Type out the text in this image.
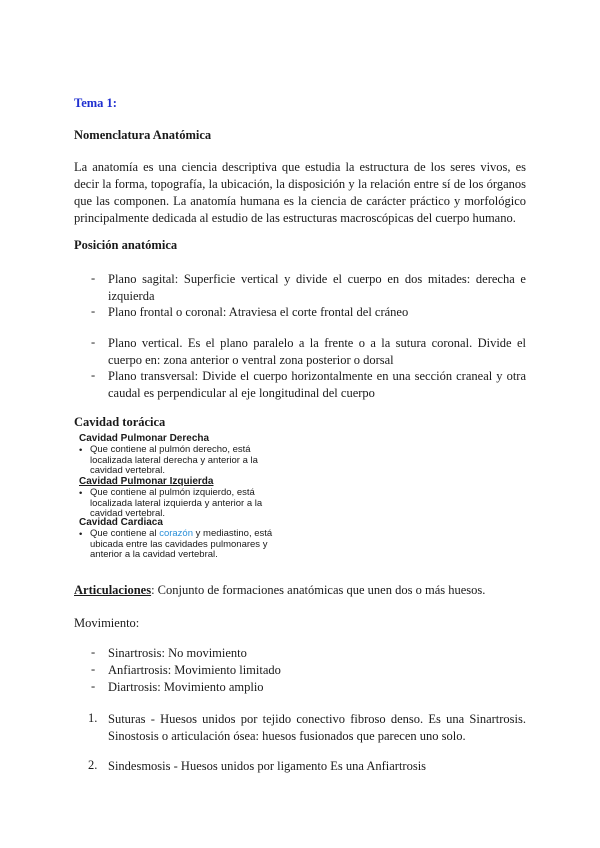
Tema 1:
Nomenclatura Anatómica
La anatomía es una ciencia descriptiva que estudia la estructura de los seres vivos, es decir la forma, topografía, la ubicación, la disposición y la relación entre sí de los órganos que las componen. La anatomía humana es la ciencia de carácter práctico y morfológico principalmente dedicada al estudio de las estructuras macroscópicas del cuerpo humano.
Posición anatómica
- Plano sagital: Superficie vertical y divide el cuerpo en dos mitades: derecha e izquierda
- Plano frontal o coronal: Atraviesa el corte frontal del cráneo
- Plano vertical. Es el plano paralelo a la frente o a la sutura coronal. Divide el cuerpo en: zona anterior o ventral zona posterior o dorsal
- Plano transversal: Divide el cuerpo horizontalmente en una sección craneal y otra caudal es perpendicular al eje longitudinal del cuerpo
Cavidad torácica
Cavidad Pulmonar Derecha
• Que contiene al pulmón derecho, está localizada lateral derecha y anterior a la cavidad vertebral.
Cavidad Pulmonar Izquierda
• Que contiene al pulmón izquierdo, está localizada lateral izquierda y anterior a la cavidad vertebral.
Cavidad Cardiaca
• Que contiene al corazón y mediastino, está ubicada entre las cavidades pulmonares y anterior a la cavidad vertebral.
Articulaciones: Conjunto de formaciones anatómicas que unen dos o más huesos.
Movimiento:
- Sinartrosis: No movimiento
- Anfiartrosis: Movimiento limitado
- Diartrosis: Movimiento amplio
1. Suturas - Huesos unidos por tejido conectivo fibroso denso. Es una Sinartrosis. Sinostosis o articulación ósea: huesos fusionados que parecen uno solo.
2. Sindesmosis - Huesos unidos por ligamento Es una Anfiartrosis
